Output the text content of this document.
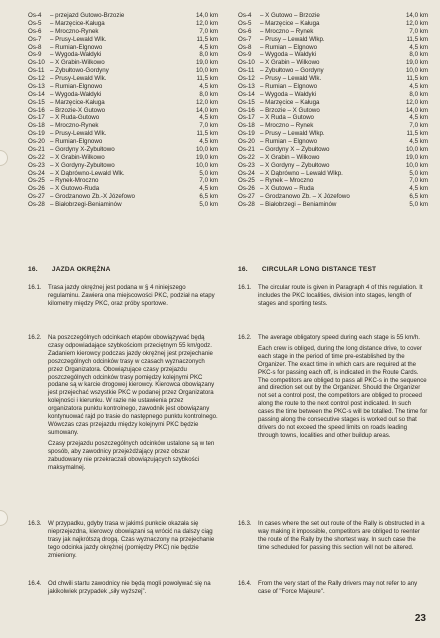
Os-4	– przejazd Gutowo-Brzozie	14,0 km
Os-5	– Marzęcice-Kaługa	12,0 km
Os-6	– Mroczno-Rynek	7,0 km
Os-7	– Prusy-Lewald Wlk.	11,5 km
Os-8	– Rumian-Elgnowo	4,5 km
Os-9	– Wygoda-Wałdyki	8,0 km
Os-10 – X Grabin-Wilkowo	19,0 km
Os-11 – Zybułtowo-Gordyny	10,0 km
Os-12 – Prusy-Lewald Wlk.	11,5 km
Os-13 – Rumian-Elgnowo	4,5 km
Os-14 – Wygoda-Wałdyki	8,0 km
Os-15 – Marzęcice-Kaługa	12,0 km
Os-16 – Brzozie-X Gutowo	14,0 km
Os-17 – X Ruda-Gutowo	4,5 km
Os-18 – Mroczno-Rynek	7,0 km
Os-19 – Prusy-Lewald Wlk.	11,5 km
Os-20 – Rumian-Elgnowo	4,5 km
Os-21 – Gordyny X-Zybułtowo	10,0 km
Os-22 – X Grabin-Wilkowo	19,0 km
Os-23 – X Gordyny-Zybułtowo	10,0 km
Os-24 – X Dąbrówno-Lewald Wlk.	5,0 km
Os-25 – Rynek-Mroczno	7,0 km
Os-26 – X Gutowo-Ruda	4,5 km
Os-27 – Grodzanowo Zb.-X Józefowo	6,5 km
Os-28 – Białobrzegi-Beniaminów	5,0 km
Os-4	– X Gutowo – Brzozie	14,0 km
Os-5	– Marzęcice – Kaługa	12,0 km
Os-6	– Mroczno – Rynek	7,0 km
Os-7	– Prusy – Lewald Wlkp.	11,5 km
Os-8	– Rumian – Elgnowo	4,5 km
Os-9	– Wygoda – Wałdyki	8,0 km
Os-10 – X Grabin – Wilkowo	19,0 km
Os-11 – Zybułtowo – Gordyny	10,0 km
Os-12 – Prusy – Lewald Wlk.	11,5 km
Os-13 – Rumian – Elgnowo	4,5 km
Os-14 – Wygoda – Wałdyki	8,0 km
Os-15 – Marzęcice – Kaługa	12,0 km
Os-16 – Brzozie – X Gutowo	14,0 km
Os-17 – X Ruda – Gutowo	4,5 km
Os-18 – Mroczno – Rynek	7,0 km
Os-19 – Prusy – Lewald Wlkp.	11,5 km
Os-20 – Rumian – Elgnowo	4,5 km
Os-21 – Gordyny X – Zybułtowo	10,0 km
Os-22 – X Grabin – Wilkowo	19,0 km
Os-23 – X Gordyny – Zybułtowo	10,0 km
Os-24 – X Dąbrówno – Lewald Wlkp.	5,0 km
Os-25 – Rynek – Mroczno	7,0 km
Os-26 – X Gutowo – Ruda	4,5 km
Os-27 – Grodzanowo Zb. – X Józefowo	6,5 km
Os-28 – Białobrzegi – Beniaminów	5,0 km
16. JAZDA OKRĘŻNA	16. CIRCULAR LONG DISTANCE TEST
16.1.	Trasa jazdy okrężnej jest podana w § 4 niniejszego regulaminu. Zawiera ona miejscowości PKC, podział na etapy kilometry między PKC, oraz próby sportowe.

16.2.	Na poszczególnych odcinkach etapów obowiązywać będą czasy odpowiadające szybkościom przeciętnym 55 km/godz. Zadaniem kierowcy podczas jazdy okrężnej jest przejechanie poszczególnych odcinków trasy w czasach wyznaczonych przez Organizatora. Obowiązujące czasy przejazdu poszczególnych odcinków trasy pomiędzy kolejnymi PKC podane są w karcie drogowej kierowcy. Kierowca obowiązany jest przejechać wszystkie PKC w podanej przez Organizatora kolejności i kierunku. W razie nie ustawienia przez organizatora punktu kontrolnego, zawodnik jest obowiązany kontynuować rajd po trasie do następnego punktu kontrolnego. Wówczas czas przejazdu między kolejnymi PKC będzie sumowany.

Czasy przejazdu poszczególnych odcinków ustalone są w ten sposób, aby zawodnicy przejeżdżający przez obszar zabudowany nie przekraczali obowiązujących szybkości maksymalnej.

16.3.	W przypadku, gdyby trasa w jakimś punkcie okazała się nieprzejezdna, kierowcy obowiązani są wrócić na dalszy ciąg trasy jak najkrótszą drogą. Czas wyznaczony na przejechanie tego odcinka jazdy okrężnej (pomiędzy PKC) nie będzie zmieniony.

16.4.	Od chwili startu zawodnicy nie będą mogli powoływać się na jakikolwiek przypadek „siły wyższej”.

16.1.	The circular route is given in Paragraph 4 of this regulation. It includes the PKC localities, division into stages, length of stages and sporting tests.

16.2.	The average obligatory speed during each stage is 55 km/h.

Each crew is obliged, during the long distance drive, to cover each stage in the period of time pre-established by the Organizer. The exact time in which cars are required at the PKC-s for passing each off, is indicated in the Route Cards. The competitors are obliged to pass all PKC-s in the sequence and direction set out by the Organizer. Should the Organizer not set a control post, the competitors are obliged to proceed along the route to the next control post indicated. In such cases the time between the PKC-s will be totalled. The time for passing along the consecutive stages is worked out so that drivers do not exceed the speed limits on roads leading through towns, localities and other buildup areas.

16.3.	In cases where the set out route of the Rally is obstructed in a way making it impossible, competitors are obliged to reenter the route of the Rally by the shortest way. In such case the time scheduled for passing this section will not be altered.

16.4.	From the very start of the Rally drivers may not refer to any case of "Force Majeure".

23
